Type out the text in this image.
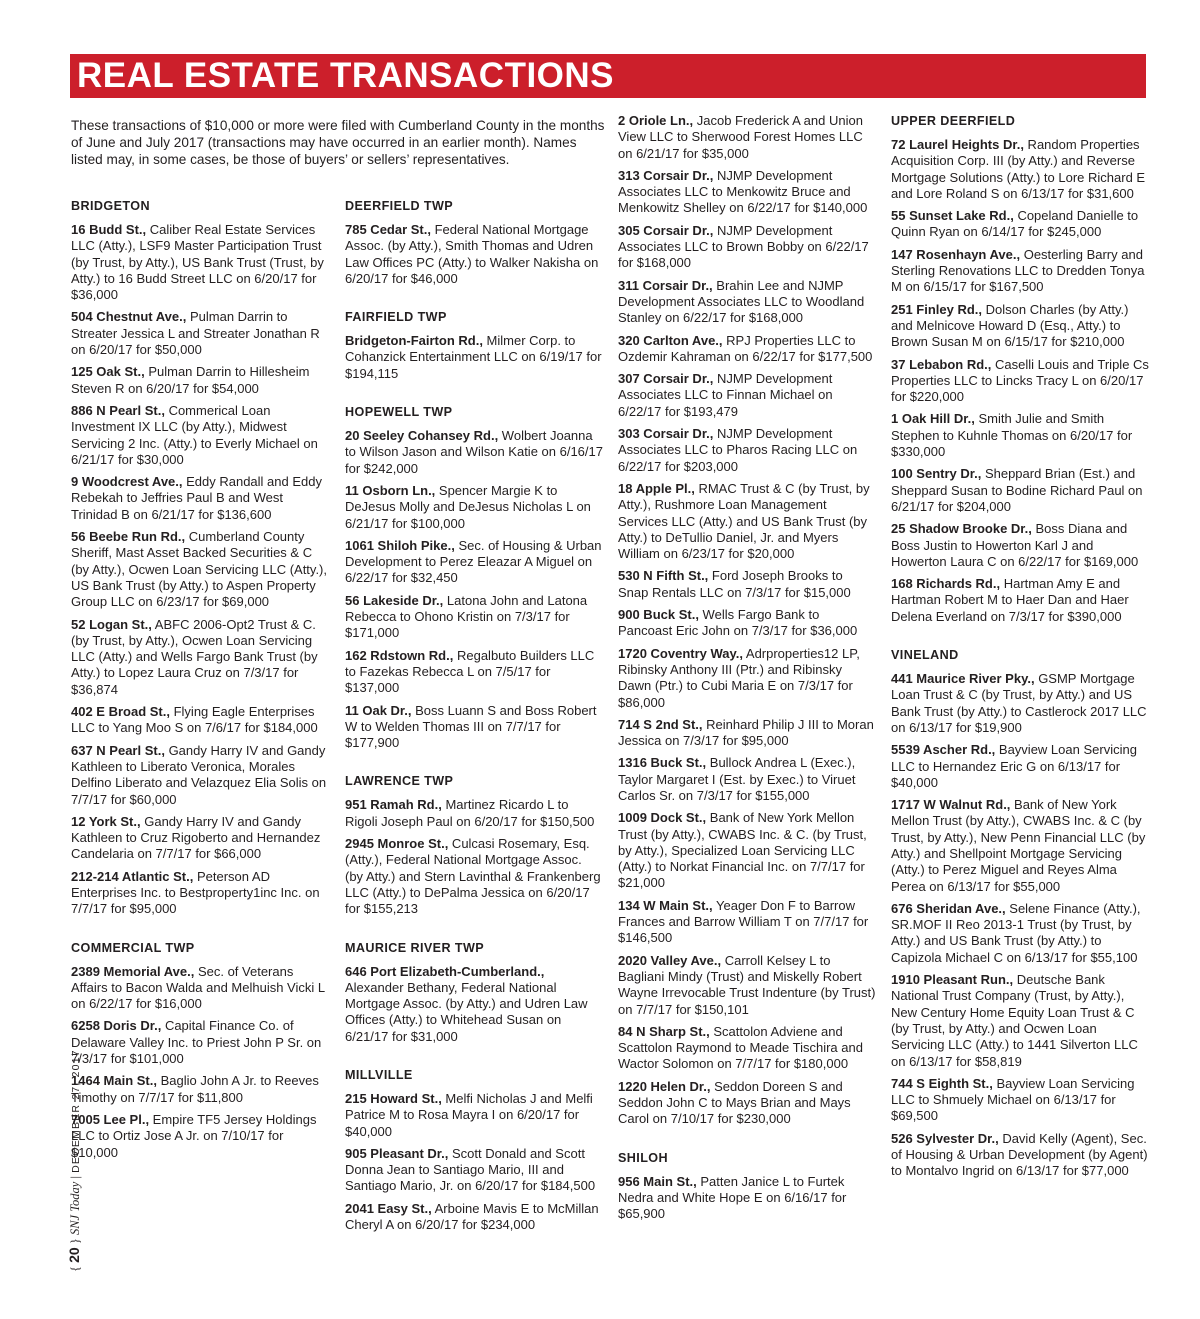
REAL ESTATE TRANSACTIONS

These transactions of $10,000 or more were filed with Cumberland County in the months of June and July 2017 (transactions may have occurred in an earlier month). Names listed may, in some cases, be those of buyers’ or sellers’ representatives.

BRIDGETON

16 Budd St., Caliber Real Estate Services LLC (Atty.), LSF9 Master Participation Trust (by Trust, by Atty.), US Bank Trust (Trust, by Atty.) to 16 Budd Street LLC on 6/20/17 for $36,000

504 Chestnut Ave., Pulman Darrin to Streater Jessica L and Streater Jonathan R on 6/20/17 for $50,000

125 Oak St., Pulman Darrin to Hillesheim Steven R on 6/20/17 for $54,000

886 N Pearl St., Commerical Loan Investment IX LLC (by Atty.), Midwest Servicing 2 Inc. (Atty.) to Everly Michael on 6/21/17 for $30,000

9 Woodcrest Ave., Eddy Randall and Eddy Rebekah to Jeffries Paul B and West Trinidad B on 6/21/17 for $136,600

56 Beebe Run Rd., Cumberland County Sheriff, Mast Asset Backed Securities & C (by Atty.), Ocwen Loan Servicing LLC (Atty.), US Bank Trust (by Atty.) to Aspen Property Group LLC on 6/23/17 for $69,000

52 Logan St., ABFC 2006-Opt2 Trust & C. (by Trust, by Atty.), Ocwen Loan Servicing LLC (Atty.) and Wells Fargo Bank Trust (by Atty.) to Lopez Laura Cruz on 7/3/17 for $36,874

402 E Broad St., Flying Eagle Enterprises LLC to Yang Moo S on 7/6/17 for $184,000

637 N Pearl St., Gandy Harry IV and Gandy Kathleen to Liberato Veronica, Morales Delfino Liberato and Velazquez Elia Solis on 7/7/17 for $60,000

12 York St., Gandy Harry IV and Gandy Kathleen to Cruz Rigoberto and Hernandez Candelaria on 7/7/17 for $66,000

212-214 Atlantic St., Peterson AD Enterprises Inc. to Bestproperty1inc Inc. on 7/7/17 for $95,000

COMMERCIAL TWP

2389 Memorial Ave., Sec. of Veterans Affairs to Bacon Walda and Melhuish Vicki L on 6/22/17 for $16,000

6258 Doris Dr., Capital Finance Co. of Delaware Valley Inc. to Priest John P Sr. on 7/3/17 for $101,000

1464 Main St., Baglio John A Jr. to Reeves Timothy on 7/7/17 for $11,800

7005 Lee Pl., Empire TF5 Jersey Holdings LLC to Ortiz Jose A Jr. on 7/10/17 for $10,000

DEERFIELD TWP

785 Cedar St., Federal National Mortgage Assoc. (by Atty.), Smith Thomas and Udren Law Offices PC (Atty.) to Walker Nakisha on 6/20/17 for $46,000

FAIRFIELD TWP

Bridgeton-Fairton Rd., Milmer Corp. to Cohanzick Entertainment LLC on 6/19/17 for $194,115

HOPEWELL TWP

20 Seeley Cohansey Rd., Wolbert Joanna to Wilson Jason and Wilson Katie on 6/16/17 for $242,000

11 Osborn Ln., Spencer Margie K to DeJesus Molly and DeJesus Nicholas L on 6/21/17 for $100,000

1061 Shiloh Pike., Sec. of Housing & Urban Development to Perez Eleazar A Miguel on 6/22/17 for $32,450

56 Lakeside Dr., Latona John and Latona Rebecca to Ohono Kristin on 7/3/17 for $171,000

162 Rdstown Rd., Regalbuto Builders LLC to Fazekas Rebecca L on 7/5/17 for $137,000

11 Oak Dr., Boss Luann S and Boss Robert W to Welden Thomas III on 7/7/17 for $177,900

LAWRENCE TWP

951 Ramah Rd., Martinez Ricardo L to Rigoli Joseph Paul on 6/20/17 for $150,500

2945 Monroe St., Culcasi Rosemary, Esq. (Atty.), Federal National Mortgage Assoc. (by Atty.) and Stern Lavinthal & Frankenberg LLC (Atty.) to DePalma Jessica on 6/20/17 for $155,213

MAURICE RIVER TWP

646 Port Elizabeth-Cumberland., Alexander Bethany, Federal National Mortgage Assoc. (by Atty.) and Udren Law Offices (Atty.) to Whitehead Susan on 6/21/17 for $31,000

MILLVILLE

215 Howard St., Melfi Nicholas J and Melfi Patrice M to Rosa Mayra I on 6/20/17 for $40,000

905 Pleasant Dr., Scott Donald and Scott Donna Jean to Santiago Mario, III and Santiago Mario, Jr. on 6/20/17 for $184,500

2041 Easy St., Arboine Mavis E to McMillan Cheryl A on 6/20/17 for $234,000

2 Oriole Ln., Jacob Frederick A and Union View LLC to Sherwood Forest Homes LLC on 6/21/17 for $35,000

313 Corsair Dr., NJMP Development Associates LLC to Menkowitz Bruce and Menkowitz Shelley on 6/22/17 for $140,000

305 Corsair Dr., NJMP Development Associates LLC to Brown Bobby on 6/22/17 for $168,000

311 Corsair Dr., Brahin Lee and NJMP Development Associates LLC to Woodland Stanley on 6/22/17 for $168,000

320 Carlton Ave., RPJ Properties LLC to Ozdemir Kahraman on 6/22/17 for $177,500

307 Corsair Dr., NJMP Development Associates LLC to Finnan Michael on 6/22/17 for $193,479

303 Corsair Dr., NJMP Development Associates LLC to Pharos Racing LLC on 6/22/17 for $203,000

18 Apple Pl., RMAC Trust & C (by Trust, by Atty.), Rushmore Loan Management Services LLC (Atty.) and US Bank Trust (by Atty.) to DeTullio Daniel, Jr. and Myers William on 6/23/17 for $20,000

530 N Fifth St., Ford Joseph Brooks to Snap Rentals LLC on 7/3/17 for $15,000

900 Buck St., Wells Fargo Bank to Pancoast Eric John on 7/3/17 for $36,000

1720 Coventry Way., Adrproperties12 LP, Ribinsky Anthony III (Ptr.) and Ribinsky Dawn (Ptr.) to Cubi Maria E on 7/3/17 for $86,000

714 S 2nd St., Reinhard Philip J III to Moran Jessica on 7/3/17 for $95,000

1316 Buck St., Bullock Andrea L (Exec.), Taylor Margaret I (Est. by Exec.) to Viruet Carlos Sr. on 7/3/17 for $155,000

1009 Dock St., Bank of New York Mellon Trust (by Atty.), CWABS Inc. & C. (by Trust, by Atty.), Specialized Loan Servicing LLC (Atty.) to Norkat Financial Inc. on 7/7/17 for $21,000

134 W Main St., Yeager Don F to Barrow Frances and Barrow William T on 7/7/17 for $146,500

2020 Valley Ave., Carroll Kelsey L to Bagliani Mindy (Trust) and Miskelly Robert Wayne Irrevocable Trust Indenture (by Trust) on 7/7/17 for $150,101

84 N Sharp St., Scattolon Adviene and Scattolon Raymond to Meade Tischira and Wactor Solomon on 7/7/17 for $180,000

1220 Helen Dr., Seddon Doreen S and Seddon John C to Mays Brian and Mays Carol on 7/10/17 for $230,000

SHILOH

956 Main St., Patten Janice L to Furtek Nedra and White Hope E on 6/16/17 for $65,900

UPPER DEERFIELD

72 Laurel Heights Dr., Random Properties Acquisition Corp. III (by Atty.) and Reverse Mortgage Solutions (Atty.) to Lore Richard E and Lore Roland S on 6/13/17 for $31,600

55 Sunset Lake Rd., Copeland Danielle to Quinn Ryan on 6/14/17 for $245,000

147 Rosenhayn Ave., Oesterling Barry and Sterling Renovations LLC to Dredden Tonya M on 6/15/17 for $167,500

251 Finley Rd., Dolson Charles (by Atty.) and Melnicove Howard D (Esq., Atty.) to Brown Susan M on 6/15/17 for $210,000

37 Lebabon Rd., Caselli Louis and Triple Cs Properties LLC to Lincks Tracy L on 6/20/17 for $220,000

1 Oak Hill Dr., Smith Julie and Smith Stephen to Kuhnle Thomas on 6/20/17 for $330,000

100 Sentry Dr., Sheppard Brian (Est.) and Sheppard Susan to Bodine Richard Paul on 6/21/17 for $204,000

25 Shadow Brooke Dr., Boss Diana and Boss Justin to Howerton Karl J and Howerton Laura C on 6/22/17 for $169,000

168 Richards Rd., Hartman Amy E and Hartman Robert M to Haer Dan and Haer Delena Everland on 7/3/17 for $390,000

VINELAND

441 Maurice River Pky., GSMP Mortgage Loan Trust & C (by Trust, by Atty.) and US Bank Trust (by Atty.) to Castlerock 2017 LLC on 6/13/17 for $19,900

5539 Ascher Rd., Bayview Loan Servicing LLC to Hernandez Eric G on 6/13/17 for $40,000

1717 W Walnut Rd., Bank of New York Mellon Trust (by Atty.), CWABS Inc. & C (by Trust, by Atty.), New Penn Financial LLC (by Atty.) and Shellpoint Mortgage Servicing (Atty.) to Perez Miguel and Reyes Alma Perea on 6/13/17 for $55,000

676 Sheridan Ave., Selene Finance (Atty.), SR.MOF II Reo 2013-1 Trust (by Trust, by Atty.) and US Bank Trust (by Atty.) to Capizola Michael C on 6/13/17 for $55,100

1910 Pleasant Run., Deutsche Bank National Trust Company (Trust, by Atty.), New Century Home Equity Loan Trust & C (by Trust, by Atty.) and Ocwen Loan Servicing LLC (Atty.) to 1441 Silverton LLC on 6/13/17 for $58,819

744 S Eighth St., Bayview Loan Servicing LLC to Shmuely Michael on 6/13/17 for $69,500

526 Sylvester Dr., David Kelly (Agent), Sec. of Housing & Urban Development (by Agent) to Montalvo Ingrid on 6/13/17 for $77,000

{ 20 } SNJ Today | DECEMBER 27, 2017
